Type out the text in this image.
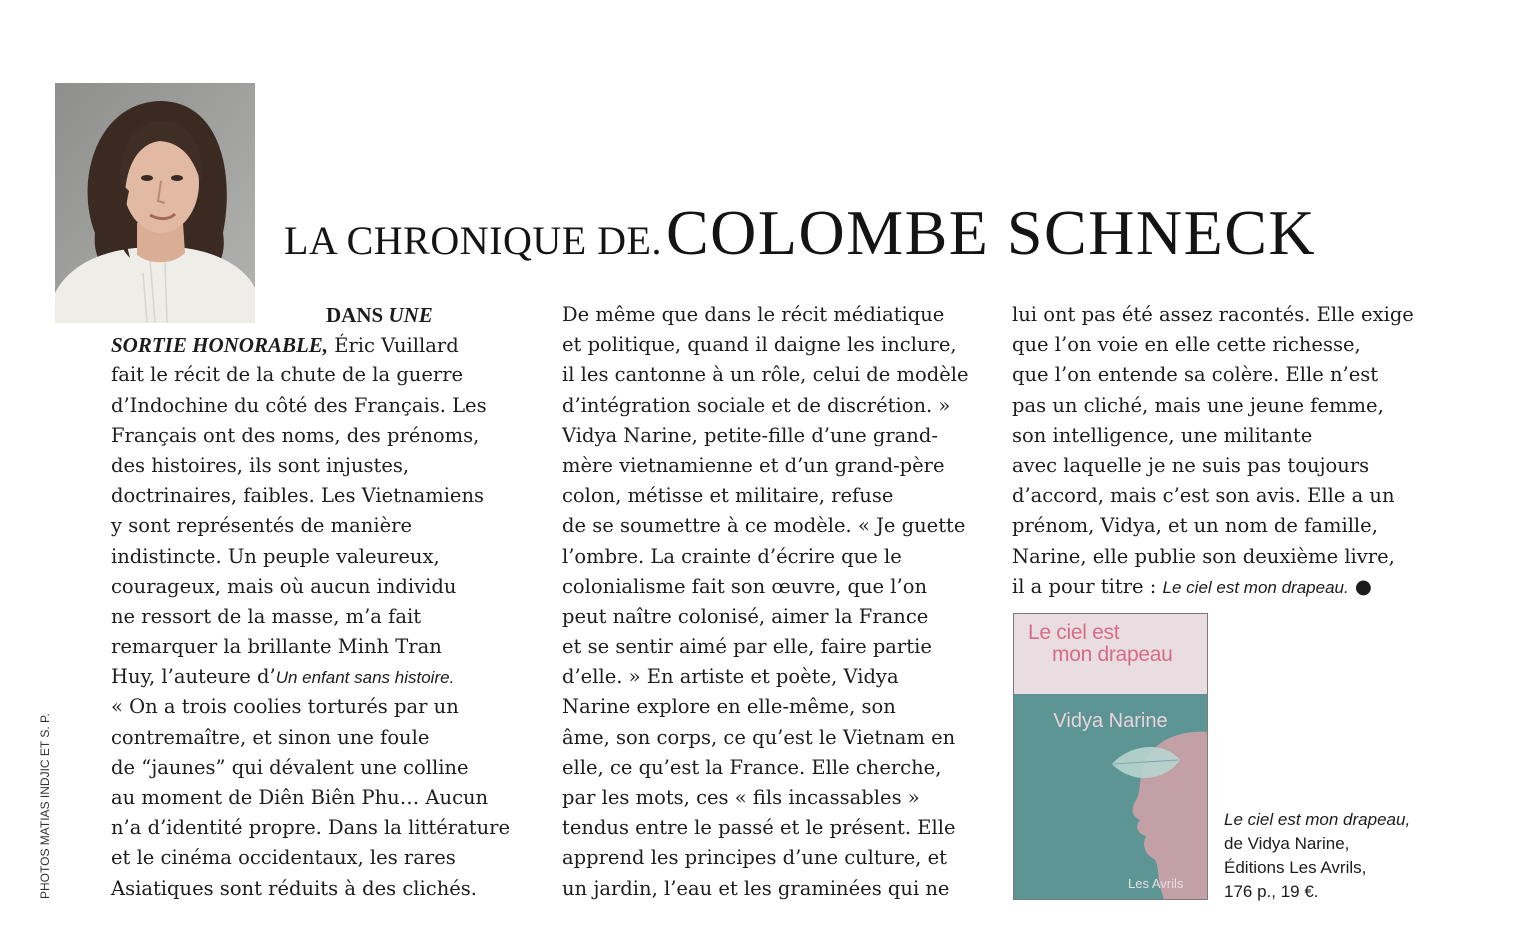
LA CHRONIQUE DE. COLOMBE SCHNECK
PHOTOS MATIAS INDJIC ET S. P.
DANS UNE
SORTIE HONORABLE, Éric Vuillard
fait le récit de la chute de la guerre
d’Indochine du côté des Français. Les
Français ont des noms, des prénoms,
des histoires, ils sont injustes,
doctrinaires, faibles. Les Vietnamiens
y sont représentés de manière
indistincte. Un peuple valeureux,
courageux, mais où aucun individu
ne ressort de la masse, m’a fait
remarquer la brillante Minh Tran
Huy, l’auteure d’Un enfant sans histoire.
« On a trois coolies torturés par un
contremaître, et sinon une foule
de “jaunes” qui dévalent une colline
au moment de Diên Biên Phu… Aucun
n’a d’identité propre. Dans la littérature
et le cinéma occidentaux, les rares
Asiatiques sont réduits à des clichés.
De même que dans le récit médiatique
et politique, quand il daigne les inclure,
il les cantonne à un rôle, celui de modèle
d’intégration sociale et de discrétion. »
Vidya Narine, petite-fille d’une grand-
mère vietnamienne et d’un grand-père
colon, métisse et militaire, refuse
de se soumettre à ce modèle. « Je guette
l’ombre. La crainte d’écrire que le
colonialisme fait son œuvre, que l’on
peut naître colonisé, aimer la France
et se sentir aimé par elle, faire partie
d’elle. » En artiste et poète, Vidya
Narine explore en elle-même, son
âme, son corps, ce qu’est le Vietnam en
elle, ce qu’est la France. Elle cherche,
par les mots, ces « fils incassables »
tendus entre le passé et le présent. Elle
apprend les principes d’une culture, et
un jardin, l’eau et les graminées qui ne
lui ont pas été assez racontés. Elle exige
que l’on voie en elle cette richesse,
que l’on entende sa colère. Elle n’est
pas un cliché, mais une jeune femme,
son intelligence, une militante
avec laquelle je ne suis pas toujours
d’accord, mais c’est son avis. Elle a un
prénom, Vidya, et un nom de famille,
Narine, elle publie son deuxième livre,
il a pour titre : Le ciel est mon drapeau. ●
Le ciel est
mon drapeau
Vidya Narine
Les Avrils
Le ciel est mon drapeau,
de Vidya Narine,
Éditions Les Avrils,
176 p., 19 €.
